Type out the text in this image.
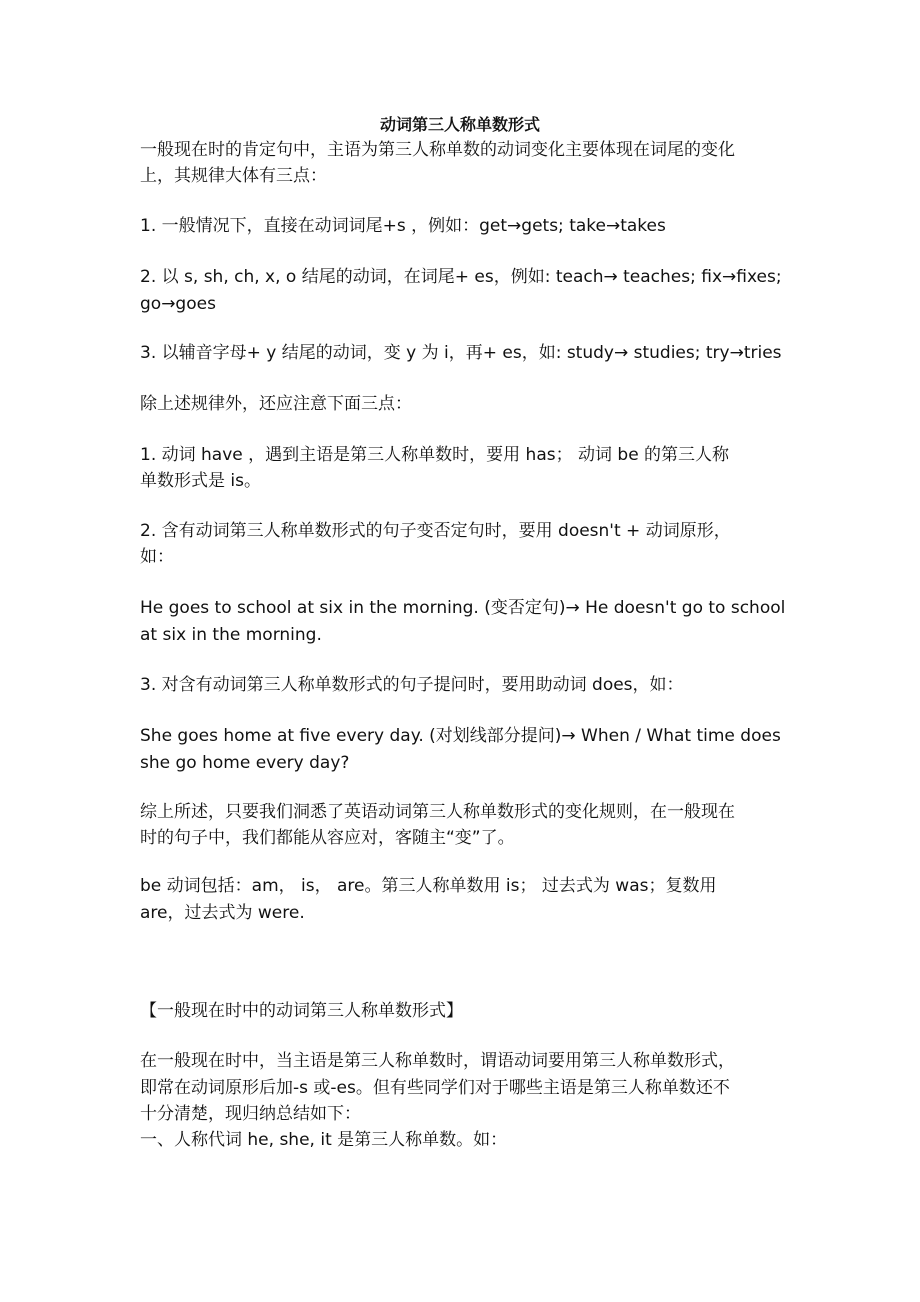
动词第三人称单数形式
一般现在时的肯定句中，主语为第三人称单数的动词变化主要体现在词尾的变化
上，其规律大体有三点：
1. 一般情况下，直接在动词词尾+s ，例如：get→gets; take→takes
2. 以 s, sh, ch, x, o 结尾的动词，在词尾+ es，例如: teach→ teaches; fix→fixes;
go→goes
3. 以辅音字母+ y 结尾的动词，变 y 为 i，再+ es，如: study→ studies; try→tries
除上述规律外，还应注意下面三点：
1. 动词 have ，遇到主语是第三人称单数时，要用 has； 动词 be 的第三人称
单数形式是 is。
2. 含有动词第三人称单数形式的句子变否定句时，要用 doesn't + 动词原形，
如：
He goes to school at six in the morning. (变否定句)→ He doesn't go to school
at six in the morning.
3. 对含有动词第三人称单数形式的句子提问时，要用助动词 does，如：
She goes home at five every day. (对划线部分提问)→ When / What time does
she go home every day?
综上所述，只要我们洞悉了英语动词第三人称单数形式的变化规则，在一般现在
时的句子中，我们都能从容应对，客随主“变”了。
be 动词包括：am， is， are。第三人称单数用 is； 过去式为 was；复数用
are，过去式为 were.
【一般现在时中的动词第三人称单数形式】
在一般现在时中，当主语是第三人称单数时，谓语动词要用第三人称单数形式，
即常在动词原形后加-s 或-es。但有些同学们对于哪些主语是第三人称单数还不
十分清楚，现归纳总结如下：
一、人称代词 he, she, it 是第三人称单数。如：
